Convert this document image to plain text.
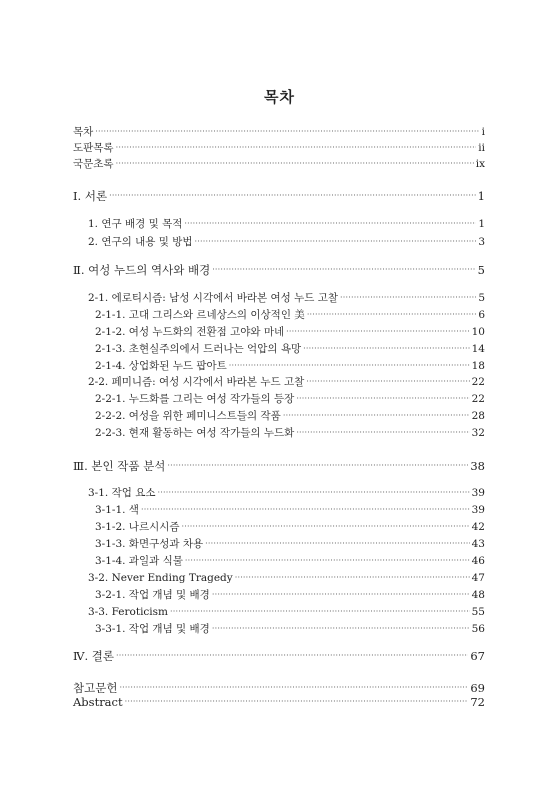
목차
목차 ·····	i
도판목록 ·····	ii
국문초록 ·····	ix
Ⅰ. 서론 ·····	1
1. 연구 배경 및 목적 ·····	1
2. 연구의 내용 및 방법 ·····	3
Ⅱ. 여성 누드의 역사와 배경 ·····	5
2-1. 에로티시즘: 남성 시각에서 바라본 여성 누드 고찰 ·····	5
2-1-1. 고대 그리스와 르네상스의 이상적인 美 ·····	6
2-1-2. 여성 누드화의 전환점 고야와 마네 ·····	10
2-1-3. 초현실주의에서 드러나는 억압의 욕망 ·····	14
2-1-4. 상업화된 누드 팝아트 ·····	18
2-2. 페미니즘: 여성 시각에서 바라본 누드 고찰 ·····	22
2-2-1. 누드화를 그리는 여성 작가들의 등장 ·····	22
2-2-2. 여성을 위한 페미니스트들의 작품 ·····	28
2-2-3. 현재 활동하는 여성 작가들의 누드화 ·····	32
Ⅲ. 본인 작품 분석 ·····	38
3-1. 작업 요소 ·····	39
3-1-1. 색 ·····	39
3-1-2. 나르시시즘 ·····	42
3-1-3. 화면구성과 차용 ·····	43
3-1-4. 과일과 식물 ·····	46
3-2. Never Ending Tragedy ·····	47
3-2-1. 작업 개념 및 배경 ·····	48
3-3. Feroticism ·····	55
3-3-1. 작업 개념 및 배경 ·····	56
Ⅳ. 결론 ·····	67
참고문헌 ·····	69
Abstract ·····	72
